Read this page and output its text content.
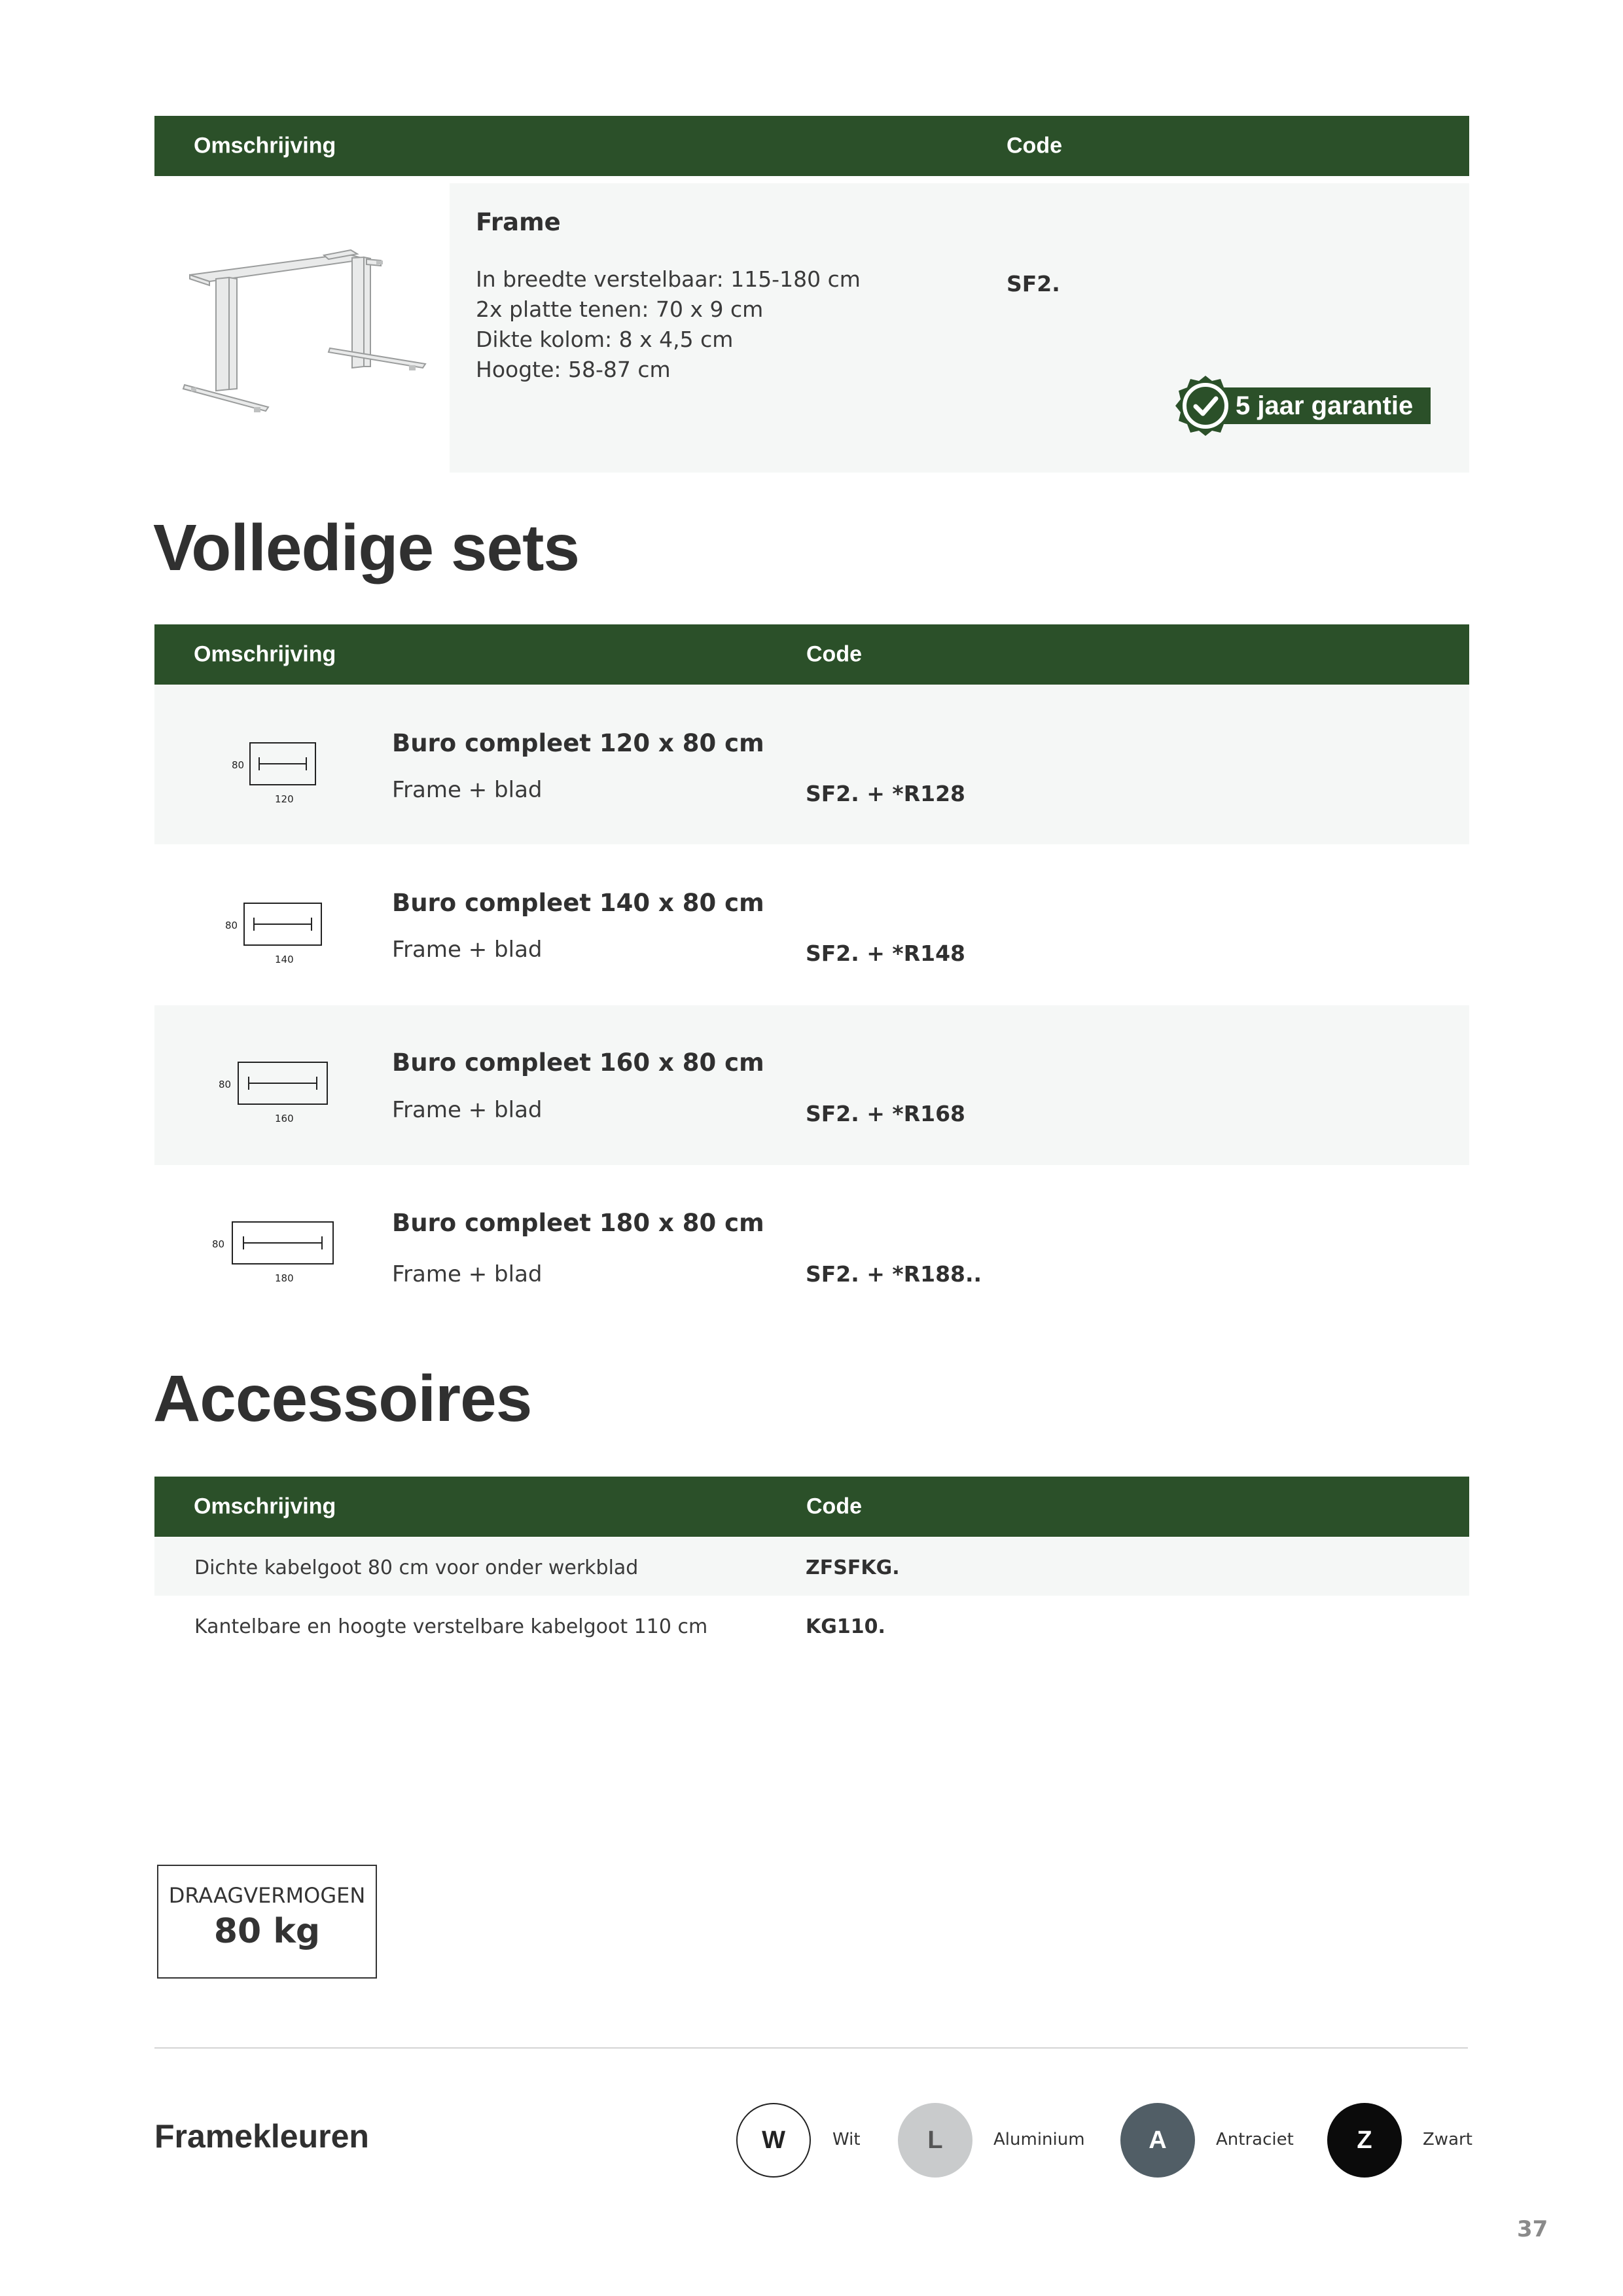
Omschrijving	Code
Frame
In breedte verstelbaar: 115-180 cm
2x platte tenen: 70 x 9 cm
Dikte kolom: 8 x 4,5 cm
Hoogte: 58-87 cm
SF2.
5 jaar garantie
Volledige sets
Omschrijving	Code
80
120
Buro compleet 120 x 80 cm
Frame + blad	SF2. + *R128
80
140
Buro compleet 140 x 80 cm
Frame + blad	SF2. + *R148
80
160
Buro compleet 160 x 80 cm
Frame + blad	SF2. + *R168
80
180
Buro compleet 180 x 80 cm
Frame + blad	SF2. + *R188..
Accessoires
Omschrijving	Code
Dichte kabelgoot 80 cm voor onder werkblad	ZFSFKG.
Kantelbare en hoogte verstelbare kabelgoot 110 cm	KG110.
DRAAGVERMOGEN
80 kg
Framekleuren	W	Wit	L	Aluminium	A	Antraciet	Z	Zwart
37
